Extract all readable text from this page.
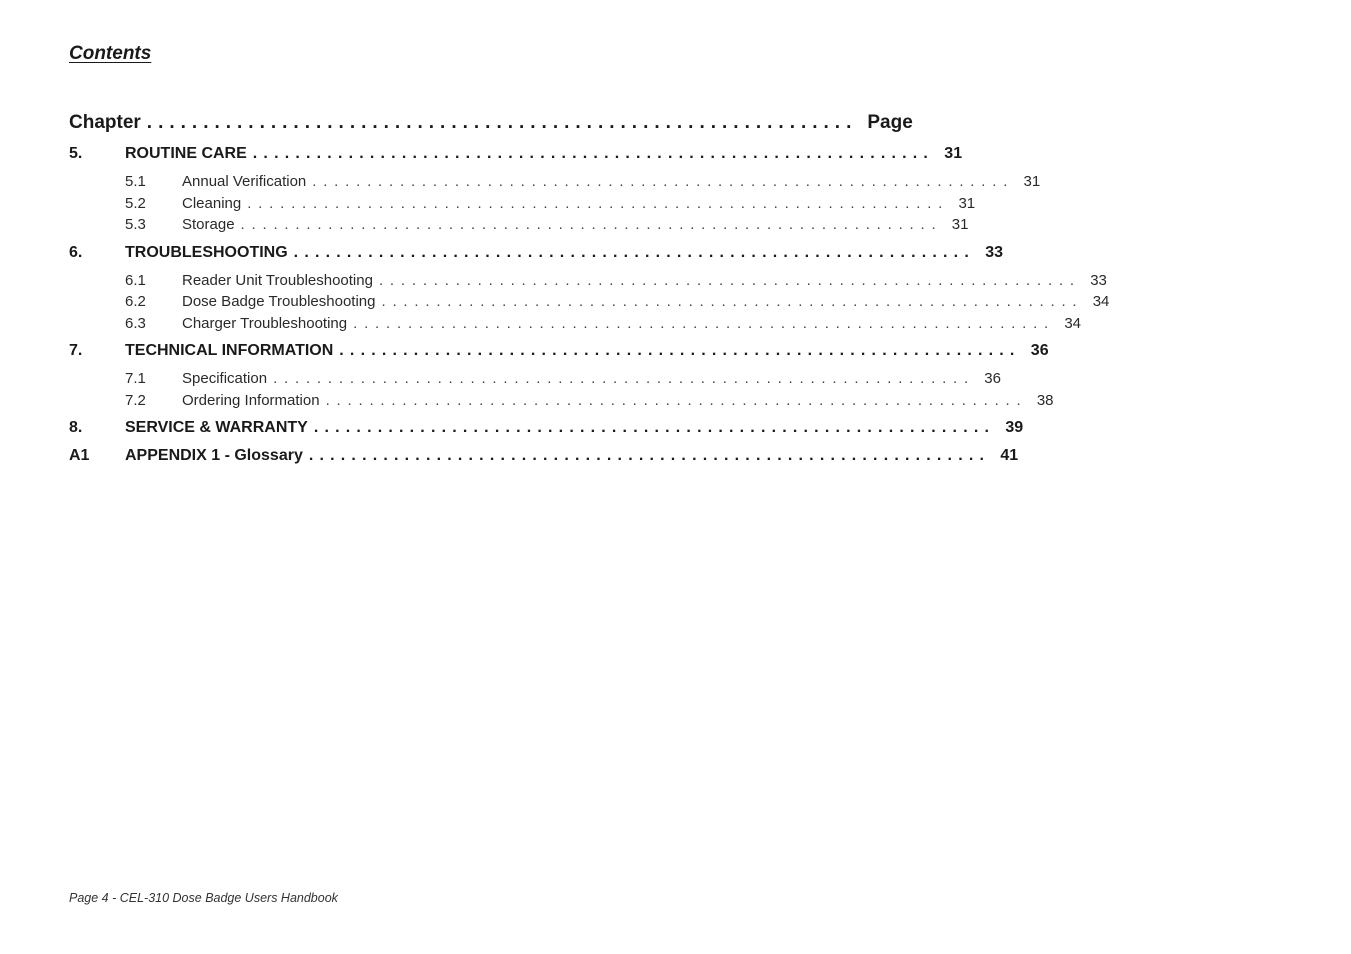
Contents
Chapter ............................................................... Page
5.	ROUTINE CARE ................................................................ 31
5.1	Annual Verification ................................................................ 31
5.2	Cleaning ................................................................ 31
5.3	Storage ................................................................ 31
6.	TROUBLESHOOTING ................................................................ 33
6.1	Reader Unit Troubleshooting ................................................................ 33
6.2	Dose Badge Troubleshooting ................................................................ 34
6.3	Charger Troubleshooting ................................................................ 34
7.	TECHNICAL INFORMATION ................................................................ 36
7.1	Specification ................................................................ 36
7.2	Ordering Information ................................................................ 38
8.	SERVICE & WARRANTY ................................................................ 39
A1	APPENDIX 1 - Glossary ................................................................ 41
Page 4 - CEL-310 Dose Badge Users Handbook
